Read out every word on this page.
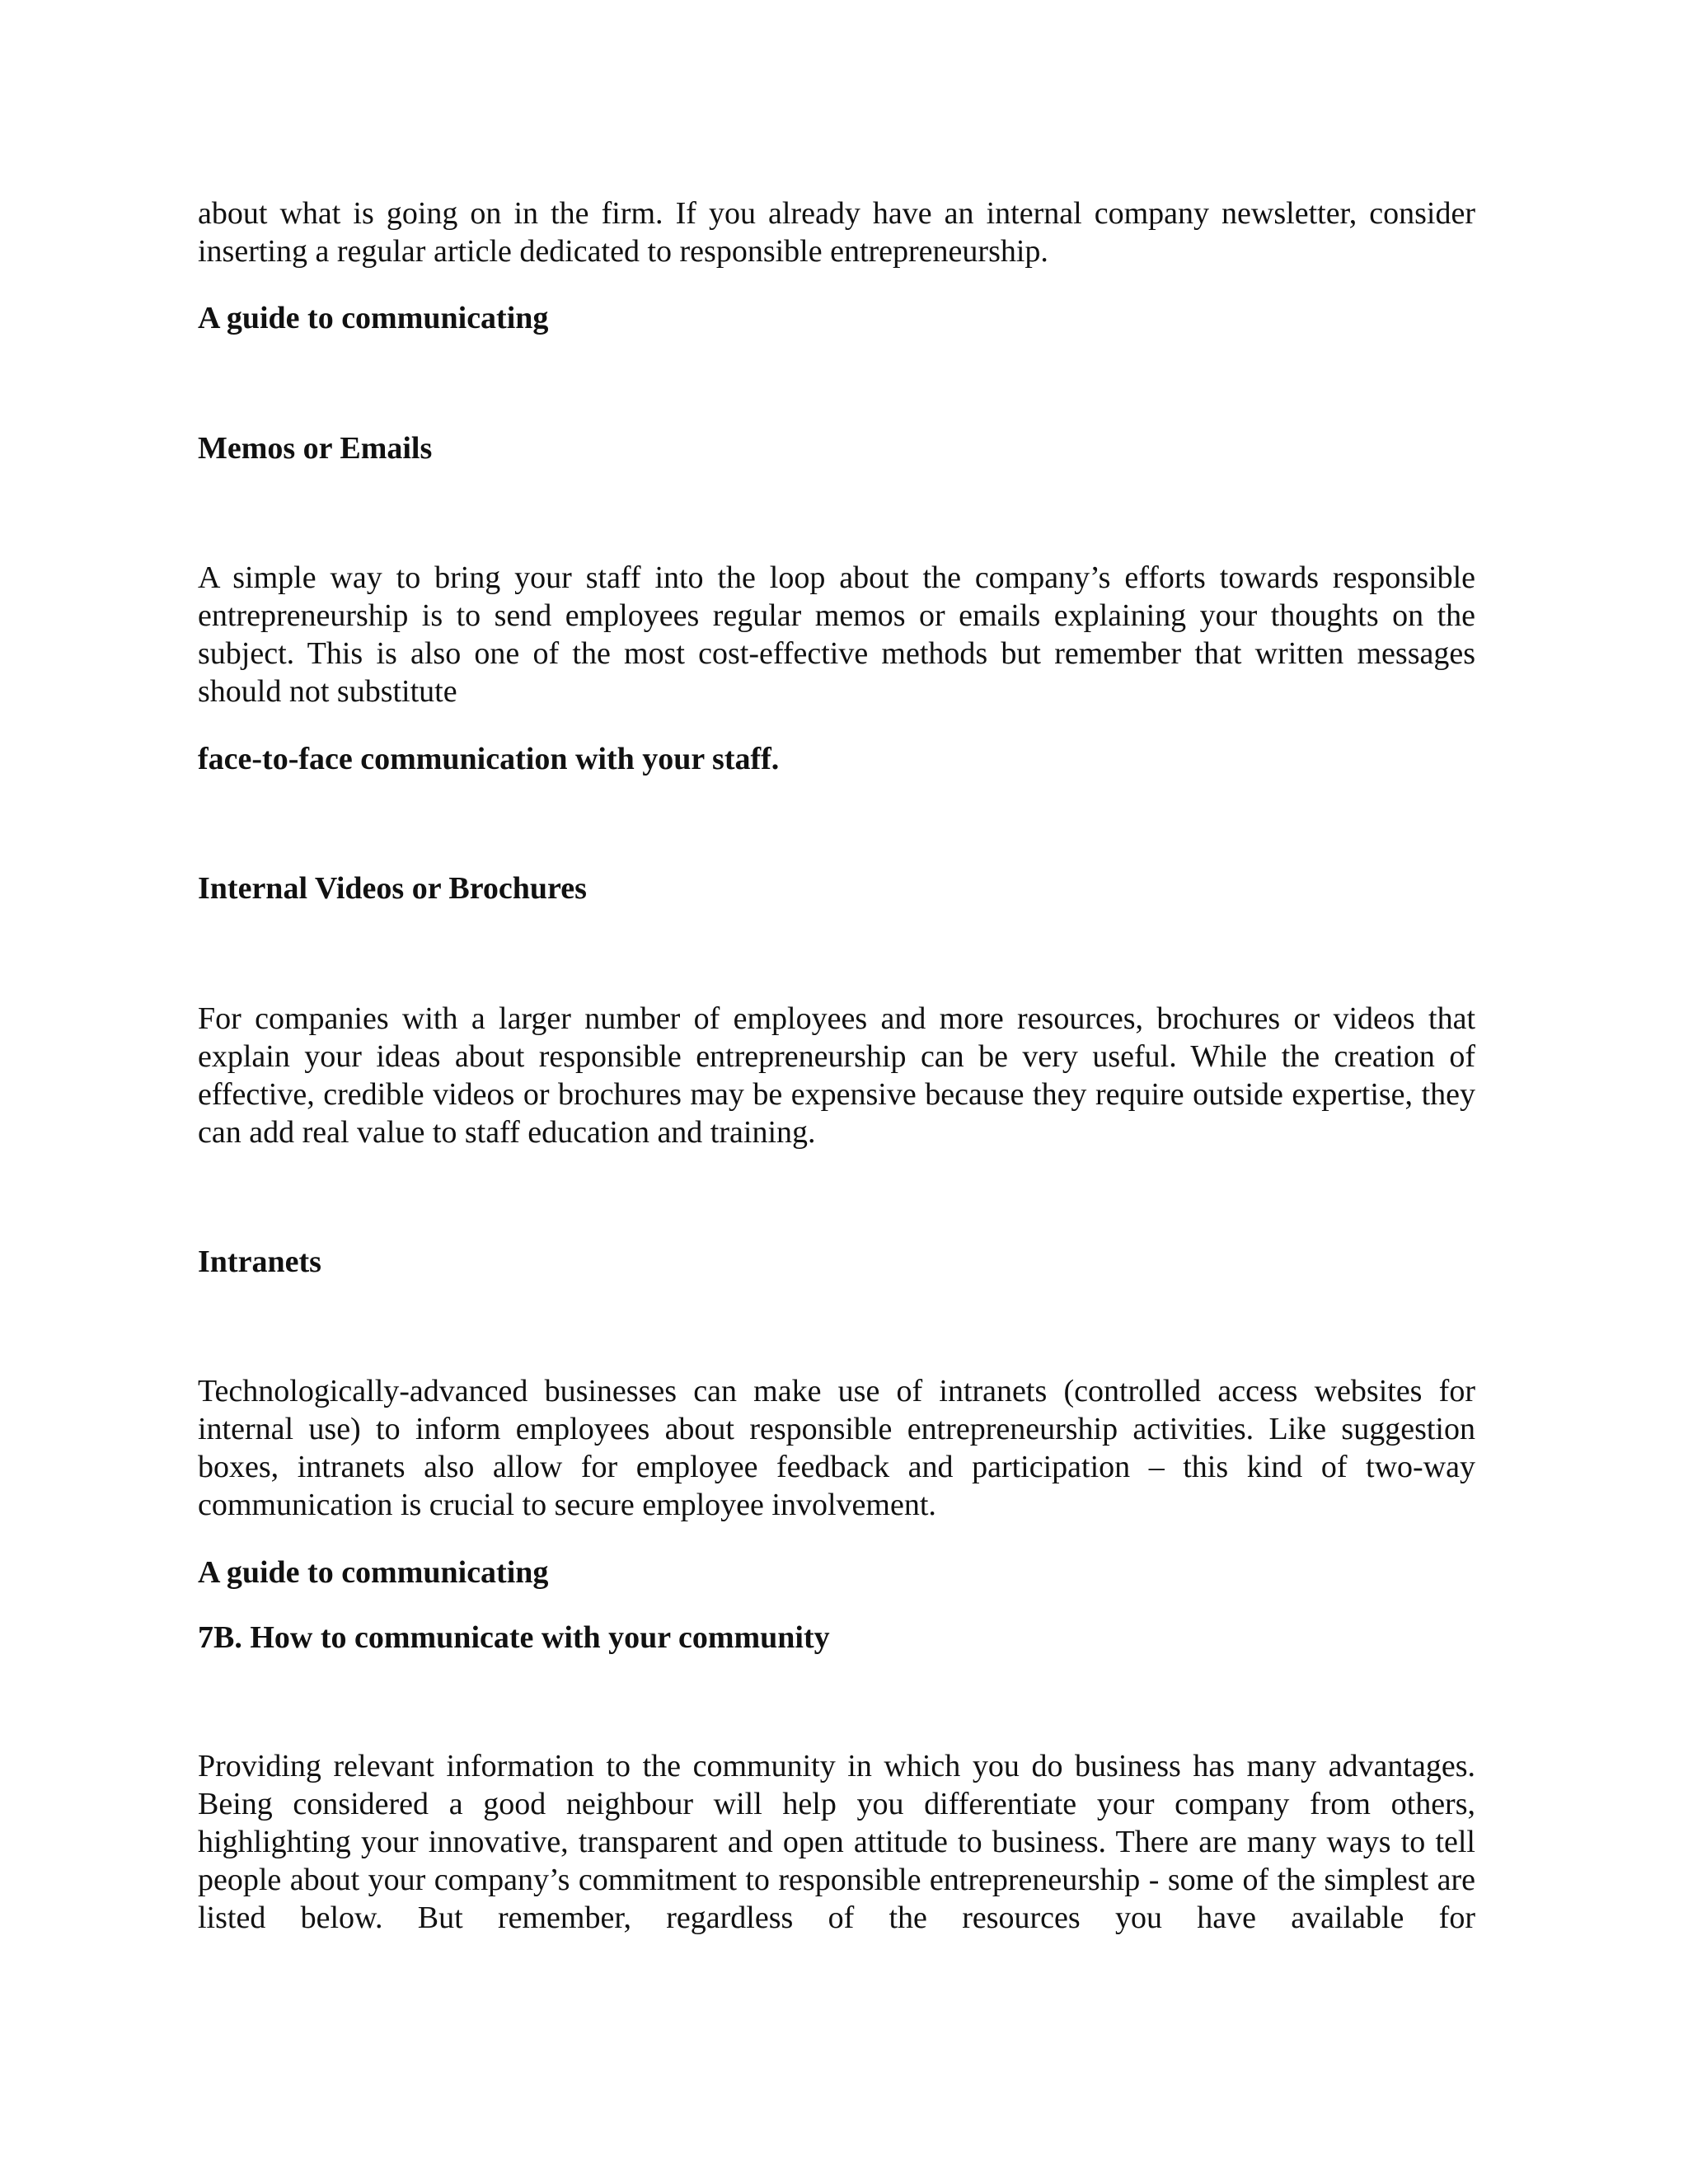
about what is going on in the firm. If you already have an internal company newsletter, consider inserting a regular article dedicated to responsible entrepreneurship.

A guide to communicating

Memos or Emails

A simple way to bring your staff into the loop about the company’s efforts towards responsible entrepreneurship is to send employees regular memos or emails explaining your thoughts on the subject. This is also one of the most cost-effective methods but remember that written messages should not substitute

face-to-face communication with your staff.

Internal Videos or Brochures

For companies with a larger number of employees and more resources, brochures or videos that explain your ideas about responsible entrepreneurship can be very useful. While the creation of effective, credible videos or brochures may be expensive because they require outside expertise, they can add real value to staff education and training.

Intranets

Technologically-advanced businesses can make use of intranets (controlled access websites for internal use) to inform employees about responsible entrepreneurship activities. Like suggestion boxes, intranets also allow for employee feedback and participation – this kind of two-way communication is crucial to secure employee involvement.

A guide to communicating

7B. How to communicate with your community

Providing relevant information to the community in which you do business has many advantages. Being considered a good neighbour will help you differentiate your company from others, highlighting your innovative, transparent and open attitude to business. There are many ways to tell people about your company’s commitment to responsible entrepreneurship - some of the simplest are listed below. But remember, regardless of the resources you have available for
